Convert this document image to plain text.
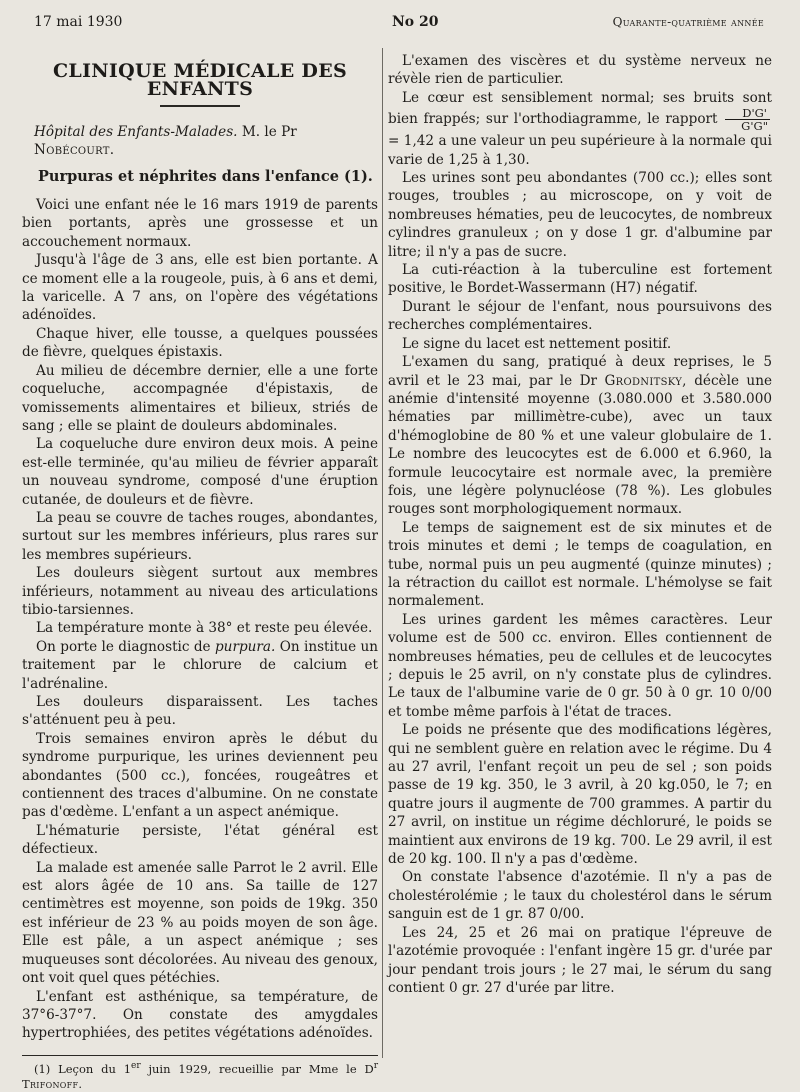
17 mai 1930	No 20	Quarante-quatrième année
CLINIQUE MÉDICALE DES ENFANTS
Hôpital des Enfants-Malades. M. le Pr Nobécourt.
Purpuras et néphrites dans l'enfance (1).

Voici une enfant née le 16 mars 1919 de parents bien portants, après une grossesse et un accouchement normaux.

Jusqu'à l'âge de 3 ans, elle est bien portante. A ce moment elle a la rougeole, puis, à 6 ans et demi, la varicelle. A 7 ans, on l'opère des végétations adénoïdes.

Chaque hiver, elle tousse, a quelques poussées de fièvre, quelques épistaxis.

Au milieu de décembre dernier, elle a une forte coqueluche, accompagnée d'épistaxis, de vomissements alimentaires et bilieux, striés de sang ; elle se plaint de douleurs abdominales.

La coqueluche dure environ deux mois. A peine est-elle terminée, qu'au milieu de février apparaît un nouveau syndrome, composé d'une éruption cutanée, de douleurs et de fièvre.

La peau se couvre de taches rouges, abondantes, surtout sur les membres inférieurs, plus rares sur les membres supérieurs.

Les douleurs siègent surtout aux membres inférieurs, notamment au niveau des articulations tibio-tarsiennes.

La température monte à 38° et reste peu élevée.

On porte le diagnostic de purpura. On institue un traitement par le chlorure de calcium et l'adrénaline.

Les douleurs disparaissent. Les taches s'atténuent peu à peu.

Trois semaines environ après le début du syndrome purpurique, les urines deviennent peu abondantes (500 cc.), foncées, rougeâtres et contiennent des traces d'albumine. On ne constate pas d'œdème. L'enfant a un aspect anémique.

L'hématurie persiste, l'état général est défectieux.

La malade est amenée salle Parrot le 2 avril. Elle est alors âgée de 10 ans. Sa taille de 127 centimètres est moyenne, son poids de 19kg. 350 est inférieur de 23 % au poids moyen de son âge. Elle est pâle, a un aspect anémique ; ses muqueuses sont décolorées. Au niveau des genoux, ont voit quel ques pétéchies.

L'enfant est asthénique, sa température, de 37°6-37°7. On constate des amygdales hypertrophiées, des petites végétations adénoïdes.

(1) Leçon du 1er juin 1929, recueillie par Mme le $D^r$ Trifonoff.

L'examen des viscères et du système nerveux ne révèle rien de particulier.

Le cœur est sensiblement normal; ses bruits sont bien frappés; sur l'orthodiagramme, le rapport $\frac{D'G'}{G'G"}$
= 1,42 a une valeur un peu supérieure à la normale qui varie de 1,25 à 1,30.

Les urines sont peu abondantes (700 cc.); elles sont rouges, troubles ; au microscope, on y voit de nombreuses hématies, peu de leucocytes, de nombreux cylindres granuleux ; on y dose 1 gr. d'albumine par litre; il n'y a pas de sucre.

La cuti-réaction à la tuberculine est fortement positive, le Bordet-Wassermann (H7) négatif.

Durant le séjour de l'enfant, nous poursuivons des recherches complémentaires.

Le signe du lacet est nettement positif.

L'examen du sang, pratiqué à deux reprises, le 5 avril et le 23 mai, par le Dr Grodnitsky, décèle une anémie d'intensité moyenne (3.080.000 et 3.580.000 hématies par millimètre-cube), avec un taux d'hémoglobine de 80 % et une valeur globulaire de 1. Le nombre des leucocytes est de 6.000 et 6.960, la formule leucocytaire est normale avec, la première fois, une légère polynucléose (78 %). Les globules rouges sont morphologiquement normaux.

Le temps de saignement est de six minutes et de trois minutes et demi ; le temps de coagulation, en tube, normal puis un peu augmenté (quinze minutes) ; la rétraction du caillot est normale. L'hémolyse se fait normalement.

Les urines gardent les mêmes caractères. Leur volume est de 500 cc. environ. Elles contiennent de nombreuses hématies, peu de cellules et de leucocytes ; depuis le 25 avril, on n'y constate plus de cylindres. Le taux de l'albumine varie de 0 gr. 50 à 0 gr. 10 0/00 et tombe même parfois à l'état de traces.

Le poids ne présente que des modifications légères, qui ne semblent guère en relation avec le régime. Du 4 au 27 avril, l'enfant reçoit un peu de sel ; son poids passe de 19 kg. 350, le 3 avril, à 20 kg.050, le 7; en quatre jours il augmente de 700 grammes. A partir du 27 avril, on institue un régime déchloruré, le poids se maintient aux environs de 19 kg. 700. Le 29 avril, il est de 20 kg. 100. Il n'y a pas d'œdème.

On constate l'absence d'azotémie. Il n'y a pas de cholestérolémie ; le taux du cholestérol dans le sérum sanguin est de 1 gr. 87 0/00.

Les 24, 25 et 26 mai on pratique l'épreuve de l'azotémie provoquée : l'enfant ingère 15 gr. d'urée par jour pendant trois jours ; le 27 mai, le sérum du sang contient 0 gr. 27 d'urée par litre.
